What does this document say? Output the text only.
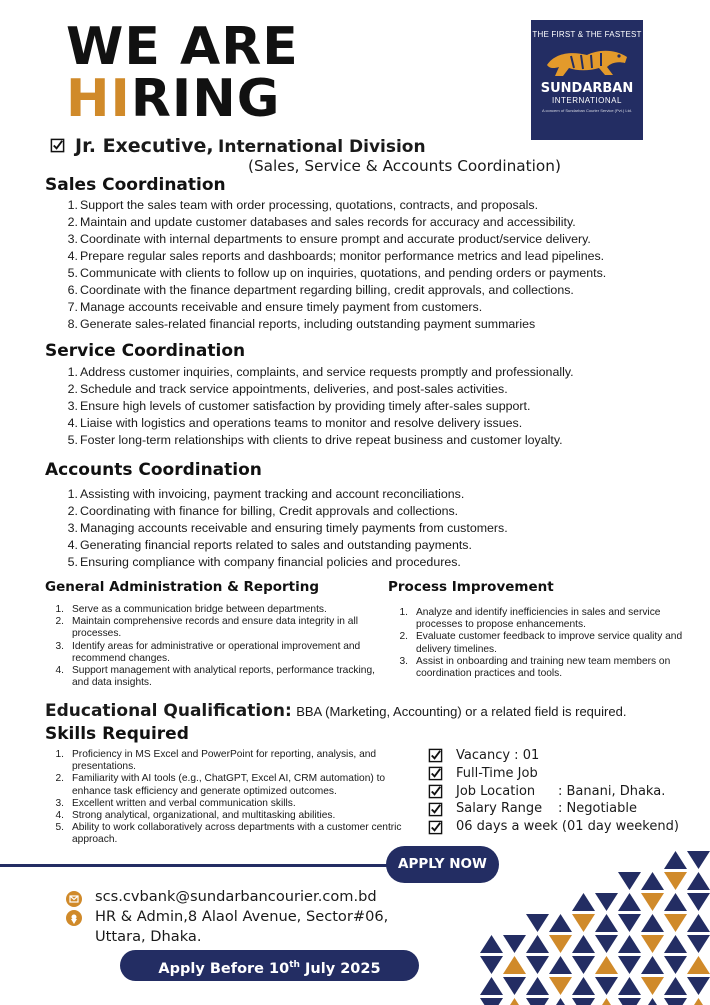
WE ARE
HIRING
THE FIRST & THE FASTEST
SUNDARBAN
INTERNATIONAL
A concern of Sundarban Courier Service (Pvt.) Ltd.
Jr. Executive, International Division
(Sales, Service & Accounts Coordination)
Sales Coordination
1. Support the sales team with order processing, quotations, contracts, and proposals.
2. Maintain and update customer databases and sales records for accuracy and accessibility.
3. Coordinate with internal departments to ensure prompt and accurate product/service delivery.
4. Prepare regular sales reports and dashboards; monitor performance metrics and lead pipelines.
5. Communicate with clients to follow up on inquiries, quotations, and pending orders or payments.
6. Coordinate with the finance department regarding billing, credit approvals, and collections.
7. Manage accounts receivable and ensure timely payment from customers.
8. Generate sales-related financial reports, including outstanding payment summaries
Service Coordination
1. Address customer inquiries, complaints, and service requests promptly and professionally.
2. Schedule and track service appointments, deliveries, and post-sales activities.
3. Ensure high levels of customer satisfaction by providing timely after-sales support.
4. Liaise with logistics and operations teams to monitor and resolve delivery issues.
5. Foster long-term relationships with clients to drive repeat business and customer loyalty.
Accounts Coordination
1. Assisting with invoicing, payment tracking and account reconciliations.
2. Coordinating with finance for billing, Credit approvals and collections.
3. Managing accounts receivable and ensuring timely payments from customers.
4. Generating financial reports related to sales and outstanding payments.
5. Ensuring compliance with company financial policies and procedures.
General Administration & Reporting
1. Serve as a communication bridge between departments.
2. Maintain comprehensive records and ensure data integrity in all processes.
3. Identify areas for administrative or operational improvement and recommend changes.
4. Support management with analytical reports, performance tracking, and data insights.
Process Improvement
1. Analyze and identify inefficiencies in sales and service processes to propose enhancements.
2. Evaluate customer feedback to improve service quality and delivery timelines.
3. Assist in onboarding and training new team members on coordination practices and tools.
Educational Qualification: BBA (Marketing, Accounting) or a related field is required.
Skills Required
1. Proficiency in MS Excel and PowerPoint for reporting, analysis, and presentations.
2. Familiarity with AI tools (e.g., ChatGPT, Excel AI, CRM automation) to enhance task efficiency and generate optimized outcomes.
3. Excellent written and verbal communication skills.
4. Strong analytical, organizational, and multitasking abilities.
5. Ability to work collaboratively across departments with a customer centric approach.
Vacancy : 01
Full-Time Job
Job Location	: Banani, Dhaka.
Salary Range	: Negotiable
06 days a week (01 day weekend)
APPLY NOW
scs.cvbank@sundarbancourier.com.bd
HR & Admin,8 Alaol Avenue, Sector#06,
Uttara, Dhaka.
Apply Before 10th July 2025
